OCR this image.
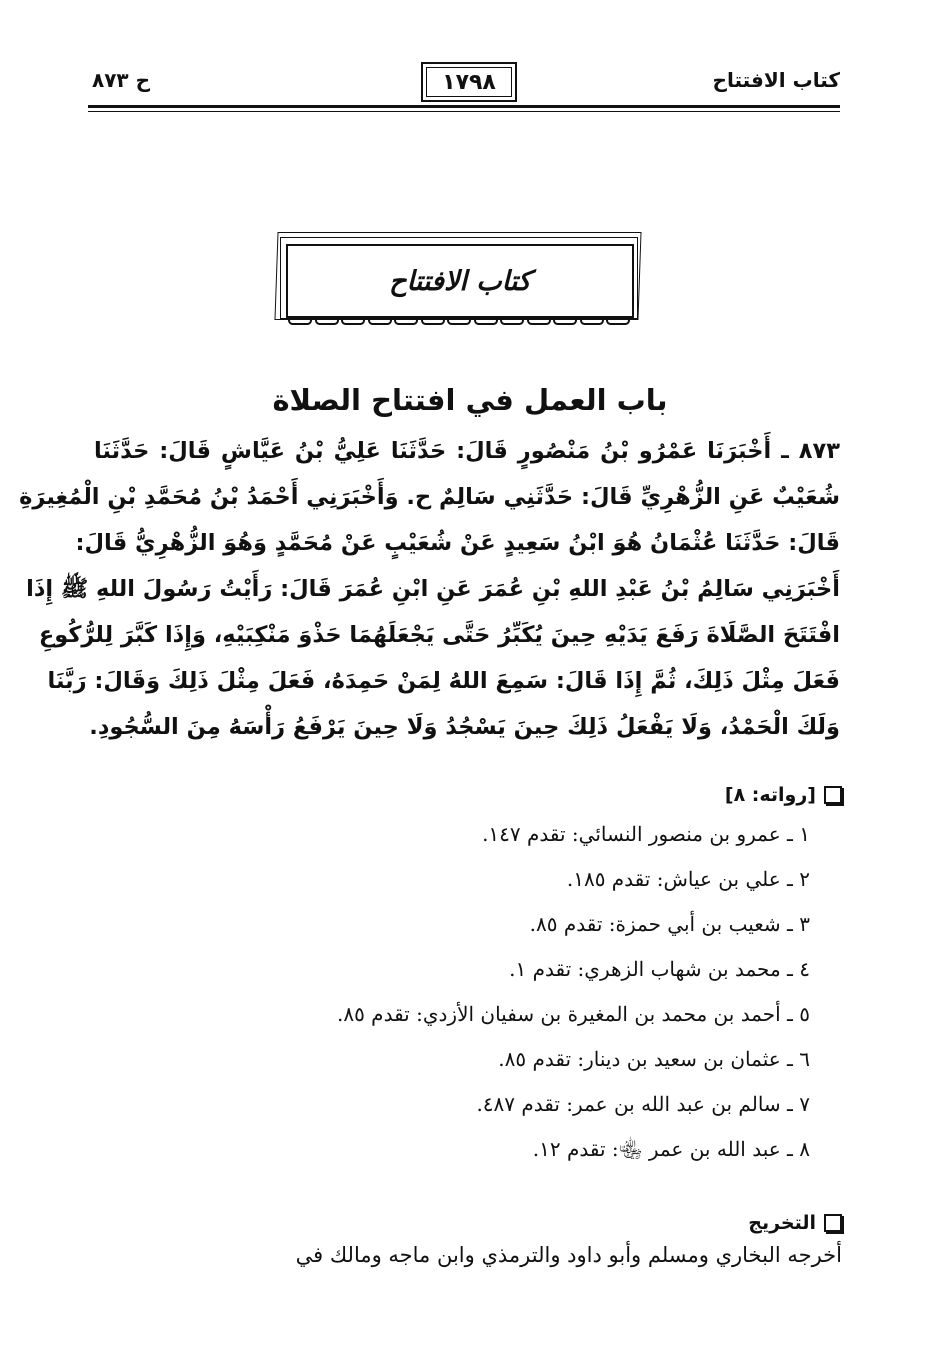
كتاب الافتتاح
١٧٩٨
ح ٨٧٣
كتاب الافتتاح
باب العمل في افتتاح الصلاة
٨٧٣ ـ أَخْبَرَنَا عَمْرُو بْنُ مَنْصُورٍ قَالَ: حَدَّثَنَا عَلِيُّ بْنُ عَيَّاشٍ قَالَ: حَدَّثَنَا
شُعَيْبٌ عَنِ الزُّهْرِيِّ قَالَ: حَدَّثَنِي سَالِمٌ ح. وَأَخْبَرَنِي أَحْمَدُ بْنُ مُحَمَّدِ بْنِ الْمُغِيرَةِ
قَالَ: حَدَّثَنَا عُثْمَانُ هُوَ ابْنُ سَعِيدٍ عَنْ شُعَيْبٍ عَنْ مُحَمَّدٍ وَهُوَ الزُّهْرِيُّ قَالَ:
أَخْبَرَنِي سَالِمُ بْنُ عَبْدِ اللهِ بْنِ عُمَرَ عَنِ ابْنِ عُمَرَ قَالَ: رَأَيْتُ رَسُولَ اللهِ ﷺ إِذَا
افْتَتَحَ الصَّلَاةَ رَفَعَ يَدَيْهِ حِينَ يُكَبِّرُ حَتَّى يَجْعَلَهُمَا حَذْوَ مَنْكِبَيْهِ، وَإِذَا كَبَّرَ لِلرُّكُوعِ
فَعَلَ مِثْلَ ذَلِكَ، ثُمَّ إِذَا قَالَ: سَمِعَ اللهُ لِمَنْ حَمِدَهُ، فَعَلَ مِثْلَ ذَلِكَ وَقَالَ: رَبَّنَا
وَلَكَ الْحَمْدُ، وَلَا يَفْعَلُ ذَلِكَ حِينَ يَسْجُدُ وَلَا حِينَ يَرْفَعُ رَأْسَهُ مِنَ السُّجُودِ.
[رواته: ٨]
١ ـ عمرو بن منصور النسائي: تقدم ١٤٧.
٢ ـ علي بن عياش: تقدم ١٨٥.
٣ ـ شعيب بن أبي حمزة: تقدم ٨٥.
٤ ـ محمد بن شهاب الزهري: تقدم ١.
٥ ـ أحمد بن محمد بن المغيرة بن سفيان الأزدي: تقدم ٨٥.
٦ ـ عثمان بن سعيد بن دينار: تقدم ٨٥.
٧ ـ سالم بن عبد الله بن عمر: تقدم ٤٨٧.
٨ ـ عبد الله بن عمر ﵄: تقدم ١٢.
التخريج
أخرجه البخاري ومسلم وأبو داود والترمذي وابن ماجه ومالك في
